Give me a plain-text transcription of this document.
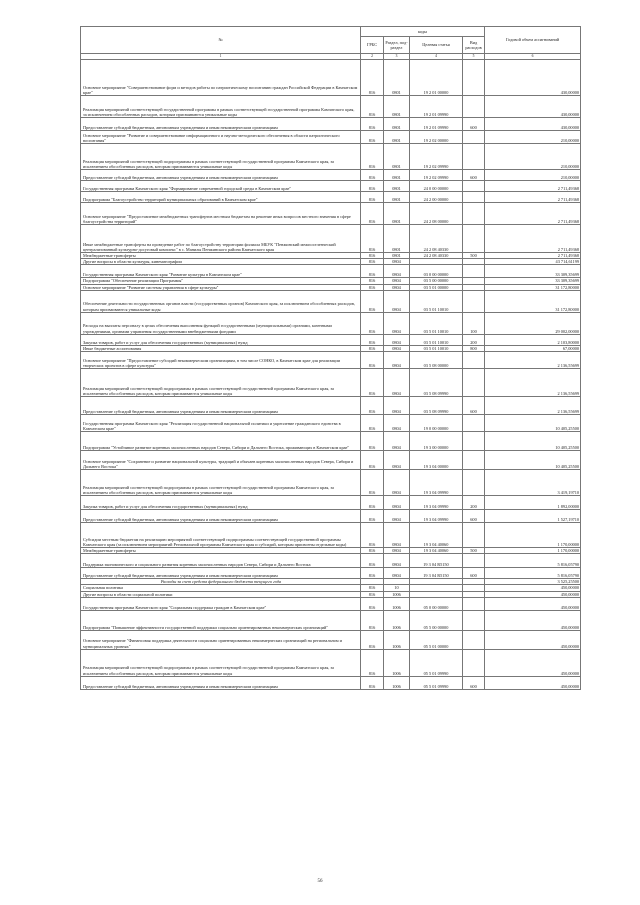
№	коды				Годовой объем ассигнований
	ГРБС	Раздел, под-раздел	Целевая статья	Вид расходов	
1	2	3	4	5	6
Основное мероприятие "Совершенствование форм и методов работы по патриотическому воспитанию граждан Российской Федерации в Камчатском крае"	816	0801	19 2 01 00000		430,00000
Реализация мероприятий соответствующей государственной программы в рамках соответствующей государственной программы Камчатского края, за исключением обособленных расходов, которым присваиваются уникальные коды	816	0801	19 2 01 09990		430,00000
Предоставление субсидий бюджетным, автономным учреждениям и иным некоммерческим организациям	816	0801	19 2 01 09990	600	430,00000
Основное мероприятие "Развитие и совершенствование информационного и научно-методического обеспечения в области патриотического воспитания"	816	0801	19 2 02 00000		210,00000
Реализация мероприятий соответствующей подпрограммы в рамках соответствующей государственной программы Камчатского края, за исключением обособленных расходов, которым присваиваются уникальные коды	816	0801	19 2 02 09990		210,00000
Предоставление субсидий бюджетным, автономным учреждениям и иным некоммерческим организациям	816	0801	19 2 02 09990	600	210,00000
Государственная программа Камчатского края "Формирование современной городской среды в Камчатском крае"	816	0801	24 0 00 00000		2 711,49368
Подпрограмма "Благоустройство территорий муниципальных образований в Камчатском крае"	816	0801	24 2 00 00000		2 711,49368
Основное мероприятие "Предоставление межбюджетных трансфертов местным бюджетам на решение иных вопросов местного значения в сфере благоустройства территорий"	816	0801	24 2 08 00000		2 711,49368
Иные межбюджетные трансферты на проведение работ по благоустройству территории филиала МБУК "Пенжинский межпоселенческий централизованный культурно-досуговый комплекс" в с. Манилы Пенжинского района Камчатского края	816	0801	24 2 08 40330		2 711,49368
Межбюджетные трансферты	816	0801	24 2 08 40330	500	2 711,49368
Другие вопросы в области культуры, кинематографии	816	0804			43 714,61199
Государственная программа Камчатского края "Развитие культуры в Камчатском крае"	816	0804	03 0 00 00000		33 309,35699
Подпрограмма "Обеспечение реализации Программы"	816	0804	03 5 00 00000		33 309,35699
Основное мероприятие "Развитие системы управления в сфере культуры"	816	0804	03 5 01 00000		31 172,80000
Обеспечение деятельности государственных органов власти (государственных органов) Камчатского края, за исключением обособленных расходов, которым присваиваются уникальные коды	816	0804	03 5 01 10010		31 172,80000
Расходы на выплаты персоналу в целях обеспечения выполнения функций государственными (муниципальными) органами, казенными учреждениями, органами управления государственными внебюджетными фондами	816	0804	03 5 01 10010	100	29 002,00000
Закупка товаров, работ и услуг для обеспечения государственных (муниципальных) нужд	816	0804	03 5 01 10010	200	2 103,80000
Иные бюджетные ассигнования	816	0804	03 5 01 10010	800	67,00000
Основное мероприятие "Предоставление субсидий некоммерческим организациям, в том числе СОНКО, в Камчатском крае для реализации творческих проектов в сфере культуры"	816	0804	03 5 08 00000		2 136,55699
Реализация мероприятий соответствующей подпрограммы в рамках соответствующей государственной программы Камчатского края, за исключением обособленных расходов, которым присваиваются уникальные коды	816	0804	03 5 08 09990		2 136,55699
Предоставление субсидий бюджетным, автономным учреждениям и иным некоммерческим организациям	816	0804	03 5 08 09990	600	2 136,55699
Государственная программа Камчатского края "Реализация государственной национальной политики и укрепление гражданского единства в Камчатском крае"	816	0804	19 0 00 00000		10 405,25500
Подпрограмма "Устойчивое развитие коренных малочисленных народов Севера, Сибири и Дальнего Востока, проживающих в Камчатском крае"	816	0804	19 3 00 00000		10 405,25500
Основное мероприятие "Сохранение и развитие национальной культуры, традиций и обычаев коренных малочисленных народов Севера, Сибири и Дальнего Востока"	816	0804	19 3 04 00000		10 405,25500
Реализация мероприятий соответствующей подпрограммы в рамках соответствующей государственной программы Камчатского края, за исключением обособленных расходов, которым присваиваются уникальные коды	816	0804	19 3 04 09990		3 419,19710
Закупка товаров, работ и услуг для обеспечения государственных (муниципальных) нужд	816	0804	19 3 04 09990	200	1 892,00000
Предоставление субсидий бюджетным, автономным учреждениям и иным некоммерческим организациям	816	0804	19 3 04 09990	600	1 527,19710
Субсидии местным бюджетам на реализацию мероприятий соответствующей подпрограммы соответствующей государственной программы Камчатского края (за исключением мероприятий Региональной программы Камчатского края и субсидий, которым присвоены отдельные коды)	816	0804	19 3 04 40060		1 170,00000
Межбюджетные трансферты	816	0804	19 3 04 40060	500	1 170,00000
Поддержка экономического и социального развития коренных малочисленных народов Севера, Сибири и Дальнего Востока	816	0804	19 3 04 R5150		5 816,05790
Предоставление субсидий бюджетным, автономным учреждениям и иным некоммерческим организациям	816	0804	19 3 04 R5150	600	5 816,05790
Расходы за счет средств федерального бюджета текущего года					3 525,25500
Социальная политика	816	10			450,00000
Другие вопросы в области социальной политики	816	1006			450,00000
Государственная программа Камчатского края "Социальная поддержка граждан в Камчатском крае"	816	1006	05 0 00 00000		450,00000
Подпрограмма "Повышение эффективности государственной поддержки социально ориентированных некоммерческих организаций"	816	1006	05 5 00 00000		450,00000
Основное мероприятие "Финансовая поддержка деятельности социально ориентированных некоммерческих организаций на региональном и муниципальных уровнях"	816	1006	05 5 01 00000		450,00000
Реализация мероприятий соответствующей подпрограммы в рамках соответствующей государственной программы Камчатского края, за исключением обособленных расходов, которым присваиваются уникальные коды	816	1006	05 5 01 09990		450,00000
Предоставление субсидий бюджетным, автономным учреждениям и иным некоммерческим организациям	816	1006	05 5 01 09990	600	450,00000
56
